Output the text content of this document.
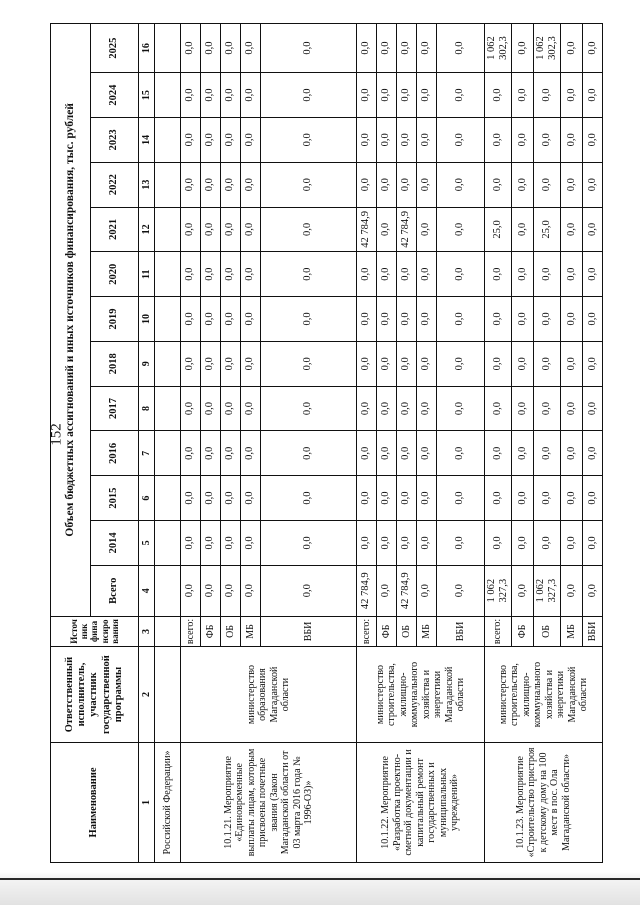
152
Наименование	Ответственный исполнитель, участник государственной программы	Источник финансирования	Объем бюджетных ассигнований и иных источников финансирования, тыс. рублей												
			Всего	2014	2015	2016	2017	2018	2019	2020	2021	2022	2023	2024	2025
1	2	3	4	5	6	7	8	9	10	11	12	13	14	15	16
Российской Федерации»															
10.1.21. Мероприятие «Единовременные выплаты лицам, которым присвоены почетные звания (Закон Магаданской области от 03 марта 2016 года № 1996-ОЗ)»	министерство образования Магаданской области	всего:	0,0	0,0	0,0	0,0	0,0	0,0	0,0	0,0	0,0	0,0	0,0	0,0	0,0
		ФБ	0,0	0,0	0,0	0,0	0,0	0,0	0,0	0,0	0,0	0,0	0,0	0,0	0,0
		ОБ	0,0	0,0	0,0	0,0	0,0	0,0	0,0	0,0	0,0	0,0	0,0	0,0	0,0
		МБ	0,0	0,0	0,0	0,0	0,0	0,0	0,0	0,0	0,0	0,0	0,0	0,0	0,0
		ВБИ	0,0	0,0	0,0	0,0	0,0	0,0	0,0	0,0	0,0	0,0	0,0	0,0	0,0
10.1.22. Мероприятие «Разработка проектно-сметной документации и капитальный ремонт государственных и муниципальных учреждений»	министерство строительства, жилищно-коммунального хозяйства и энергетики Магаданской области	всего:	42 784,9	0,0	0,0	0,0	0,0	0,0	0,0	0,0	42 784,9	0,0	0,0	0,0	0,0
		ФБ	0,0	0,0	0,0	0,0	0,0	0,0	0,0	0,0	0,0	0,0	0,0	0,0	0,0
		ОБ	42 784,9	0,0	0,0	0,0	0,0	0,0	0,0	0,0	42 784,9	0,0	0,0	0,0	0,0
		МБ	0,0	0,0	0,0	0,0	0,0	0,0	0,0	0,0	0,0	0,0	0,0	0,0	0,0
		ВБИ	0,0	0,0	0,0	0,0	0,0	0,0	0,0	0,0	0,0	0,0	0,0	0,0	0,0
10.1.23. Мероприятие «Строительство пристроя к детскому дому на 100 мест в пос. Ола Магаданской области»	министерство строительства, жилищно-коммунального хозяйства и энергетики Магаданской области	всего:	1 062 327,3	0,0	0,0	0,0	0,0	0,0	0,0	0,0	25,0	0,0	0,0	0,0	1 062 302,3
		ФБ	0,0	0,0	0,0	0,0	0,0	0,0	0,0	0,0	0,0	0,0	0,0	0,0	0,0
		ОБ	1 062 327,3	0,0	0,0	0,0	0,0	0,0	0,0	0,0	25,0	0,0	0,0	0,0	1 062 302,3
		МБ	0,0	0,0	0,0	0,0	0,0	0,0	0,0	0,0	0,0	0,0	0,0	0,0	0,0
		ВБИ	0,0	0,0	0,0	0,0	0,0	0,0	0,0	0,0	0,0	0,0	0,0	0,0	0,0
